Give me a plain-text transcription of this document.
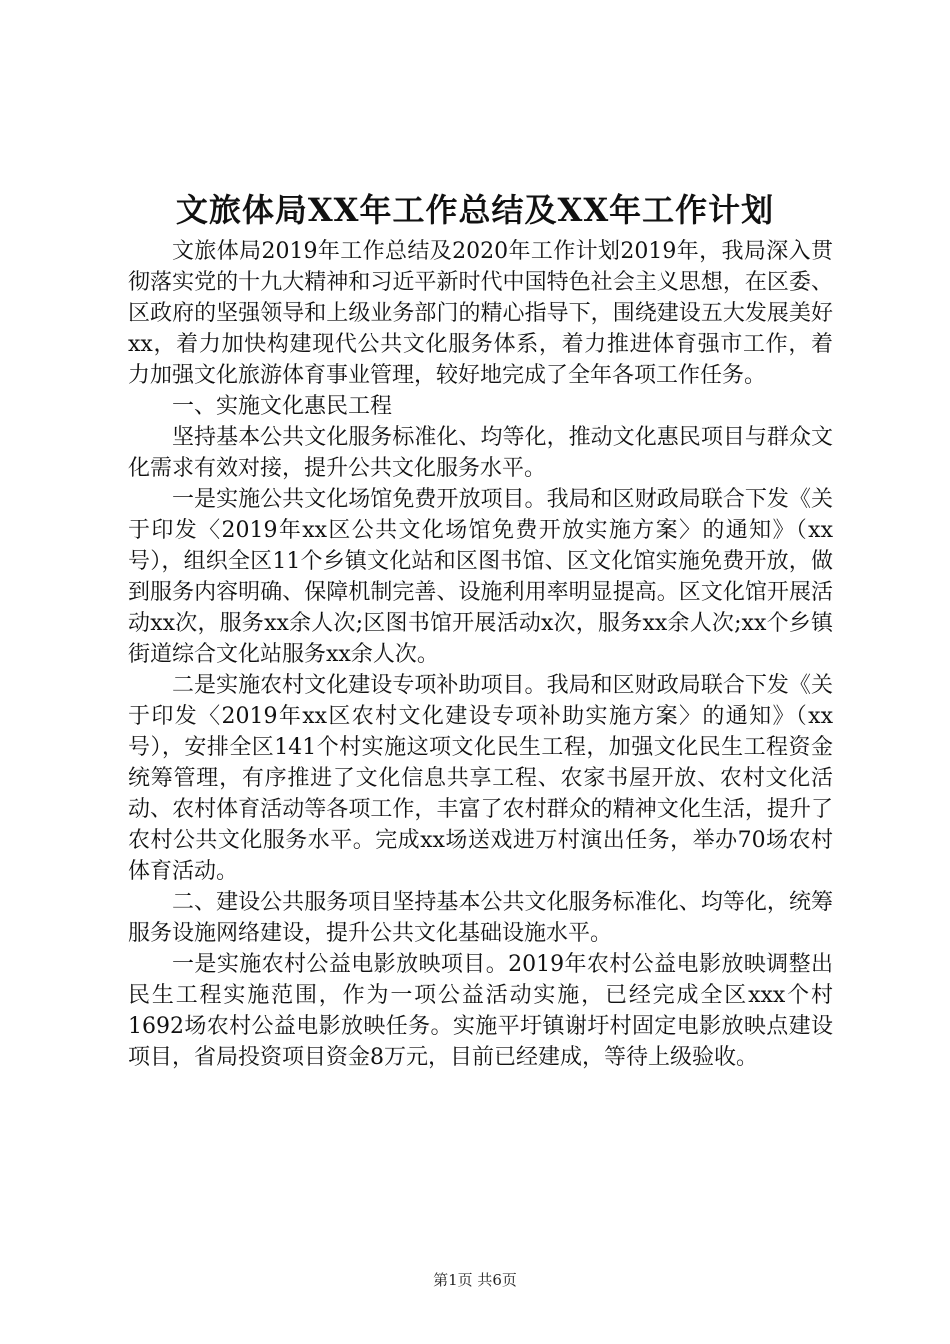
文旅体局XX年工作总结及XX年工作计划

文旅体局2019年工作总结及2020年工作计划2019年，我局深入贯彻落实党的十九大精神和习近平新时代中国特色社会主义思想，在区委、区政府的坚强领导和上级业务部门的精心指导下，围绕建设五大发展美好xx，着力加快构建现代公共文化服务体系，着力推进体育强市工作，着力加强文化旅游体育事业管理，较好地完成了全年各项工作任务。

一、实施文化惠民工程

坚持基本公共文化服务标准化、均等化，推动文化惠民项目与群众文化需求有效对接，提升公共文化服务水平。

一是实施公共文化场馆免费开放项目。我局和区财政局联合下发《关于印发〈2019年xx区公共文化场馆免费开放实施方案〉的通知》（xx号），组织全区11个乡镇文化站和区图书馆、区文化馆实施免费开放，做到服务内容明确、保障机制完善、设施利用率明显提高。区文化馆开展活动xx次，服务xx余人次;区图书馆开展活动x次，服务xx余人次;xx个乡镇街道综合文化站服务xx余人次。

二是实施农村文化建设专项补助项目。我局和区财政局联合下发《关于印发〈2019年xx区农村文化建设专项补助实施方案〉的通知》（xx号），安排全区141个村实施这项文化民生工程，加强文化民生工程资金统筹管理，有序推进了文化信息共享工程、农家书屋开放、农村文化活动、农村体育活动等各项工作，丰富了农村群众的精神文化生活，提升了农村公共文化服务水平。完成xx场送戏进万村演出任务，举办70场农村体育活动。

二、建设公共服务项目坚持基本公共文化服务标准化、均等化，统筹服务设施网络建设，提升公共文化基础设施水平。

一是实施农村公益电影放映项目。2019年农村公益电影放映调整出民生工程实施范围，作为一项公益活动实施，已经完成全区xxx个村1692场农村公益电影放映任务。实施平圩镇谢圩村固定电影放映点建设项目，省局投资项目资金8万元，目前已经建成，等待上级验收。

第1页 共6页
